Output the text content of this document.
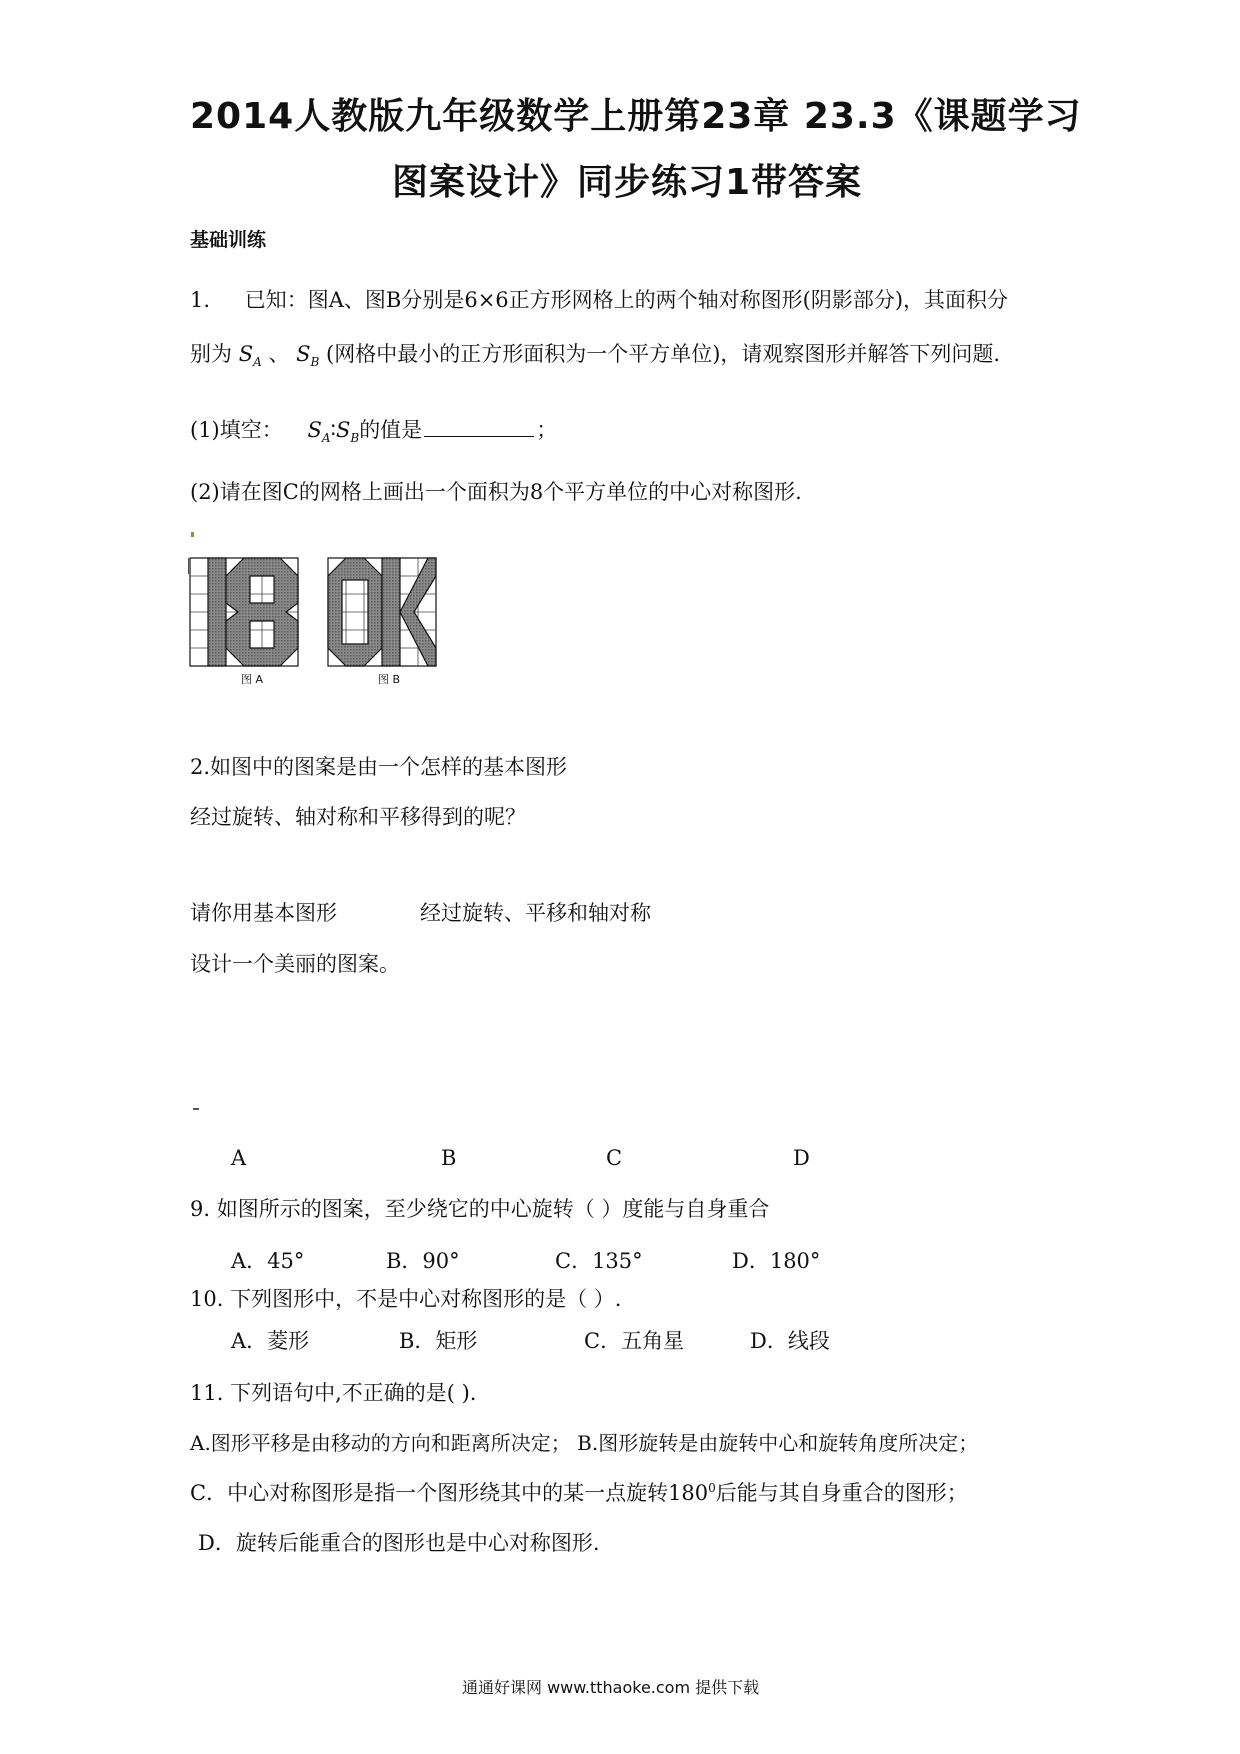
2014人教版九年级数学上册第23章 23.3《课题学习
图案设计》同步练习1带答案
基础训练
1. 已知：图A、图B分别是6×6正方形网格上的两个轴对称图形(阴影部分)，其面积分
别为 $S_A$ 、 $S_B$ (网格中最小的正方形面积为一个平方单位)，请观察图形并解答下列问题.
(1)填空： $S_A∶S_B$的值是	；
(2)请在图C的网格上画出一个面积为8个平方单位的中心对称图形.
图 A	图 B
2.如图中的图案是由一个怎样的基本图形
经过旋转、轴对称和平移得到的呢？
请你用基本图形	经过旋转、平移和轴对称
设计一个美丽的图案。
A	B	C	D
9. 如图所示的图案，至少绕它的中心旋转（ ）度能与自身重合
A．45°	B．90°	C．135°	D．180°
10. 下列图形中，不是中心对称图形的是（ ）.
A．菱形	B．矩形	C．五角星	D．线段
11. 下列语句中,不正确的是( ).
A.图形平移是由移动的方向和距离所决定； B.图形旋转是由旋转中心和旋转角度所决定；
C．中心对称图形是指一个图形绕其中的某一点旋转$180^0$后能与其自身重合的图形；
D．旋转后能重合的图形也是中心对称图形.
通通好课网 www.tthaoke.com 提供下载
